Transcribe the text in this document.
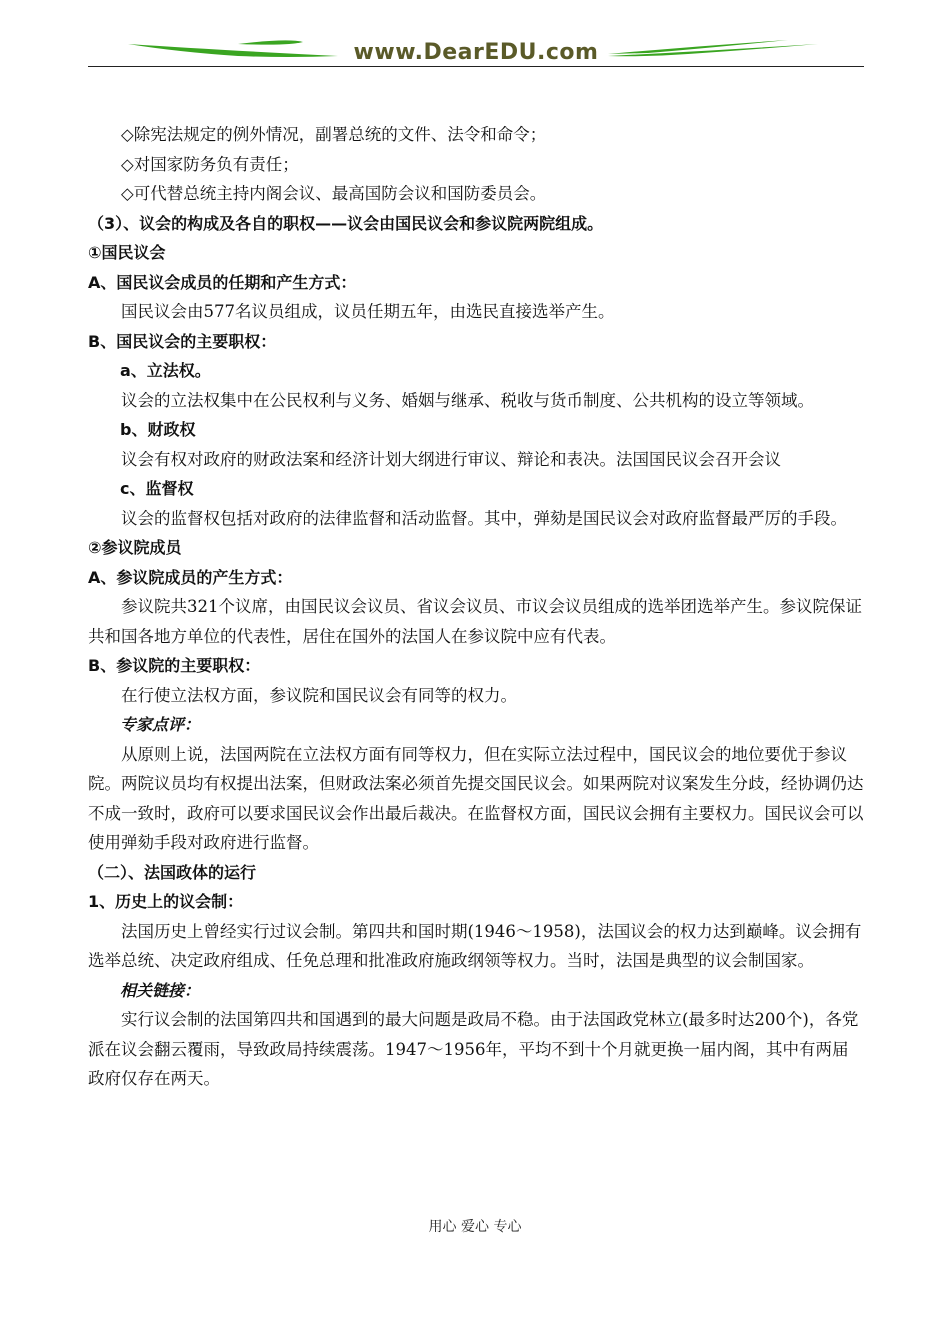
www.DearEDU.com
◇除宪法规定的例外情况，副署总统的文件、法令和命令；
◇对国家防务负有责任；
◇可代替总统主持内阁会议、最高国防会议和国防委员会。
（3）、议会的构成及各自的职权——议会由国民议会和参议院两院组成。
①国民议会
A、国民议会成员的任期和产生方式：
国民议会由577名议员组成，议员任期五年，由选民直接选举产生。
B、国民议会的主要职权：
a、立法权。
议会的立法权集中在公民权利与义务、婚姻与继承、税收与货币制度、公共机构的设立等领域。
b、财政权
议会有权对政府的财政法案和经济计划大纲进行审议、辩论和表决。法国国民议会召开会议
c、监督权
议会的监督权包括对政府的法律监督和活动监督。其中，弹劾是国民议会对政府监督最严厉的手段。
②参议院成员
A、参议院成员的产生方式：
参议院共321个议席，由国民议会议员、省议会议员、市议会议员组成的选举团选举产生。参议院保证共和国各地方单位的代表性，居住在国外的法国人在参议院中应有代表。
B、参议院的主要职权：
在行使立法权方面，参议院和国民议会有同等的权力。
专家点评：
从原则上说，法国两院在立法权方面有同等权力，但在实际立法过程中，国民议会的地位要优于参议院。两院议员均有权提出法案，但财政法案必须首先提交国民议会。如果两院对议案发生分歧，经协调仍达不成一致时，政府可以要求国民议会作出最后裁决。在监督权方面，国民议会拥有主要权力。国民议会可以使用弹劾手段对政府进行监督。
（二）、法国政体的运行
1、历史上的议会制：
法国历史上曾经实行过议会制。第四共和国时期(1946～1958)，法国议会的权力达到巅峰。议会拥有选举总统、决定政府组成、任免总理和批准政府施政纲领等权力。当时，法国是典型的议会制国家。
相关链接：
实行议会制的法国第四共和国遇到的最大问题是政局不稳。由于法国政党林立(最多时达200个)，各党派在议会翻云覆雨，导致政局持续震荡。1947～1956年，平均不到十个月就更换一届内阁，其中有两届政府仅存在两天。
用心 爱心 专心
